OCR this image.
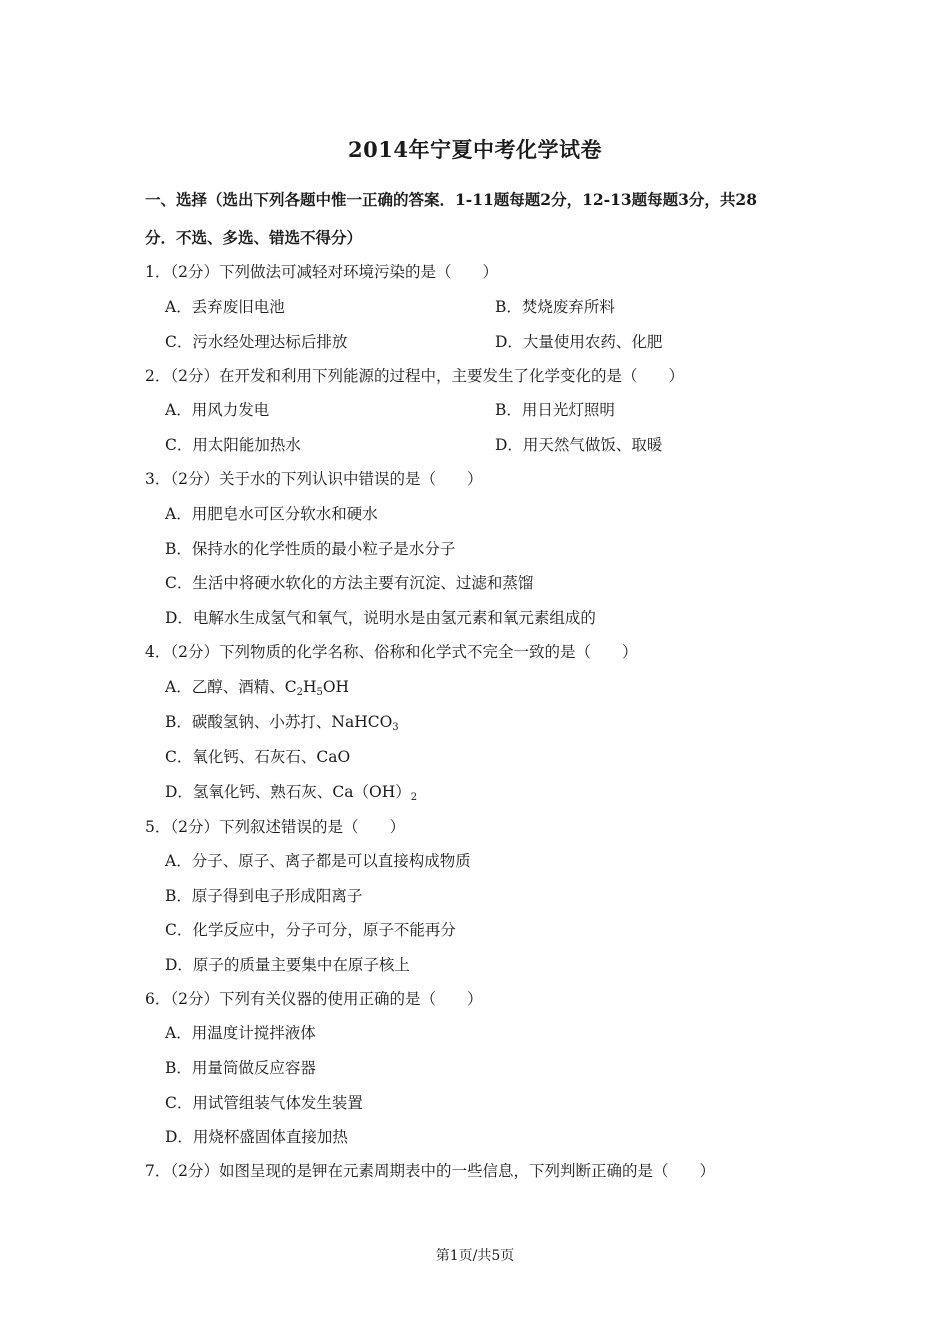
2014年宁夏中考化学试卷
一、选择（选出下列各题中惟一正确的答案．1-11题每题2分，12-13题每题3分，共28
分．不选、多选、错选不得分）
1．（2分）下列做法可减轻对环境污染的是（　　）
A．丢弃废旧电池	B．焚烧废弃所料
C．污水经处理达标后排放	D．大量使用农药、化肥
2．（2分）在开发和利用下列能源的过程中，主要发生了化学变化的是（　　）
A．用风力发电	B．用日光灯照明
C．用太阳能加热水	D．用天然气做饭、取暖
3．（2分）关于水的下列认识中错误的是（　　）
A．用肥皂水可区分软水和硬水
B．保持水的化学性质的最小粒子是水分子
C．生活中将硬水软化的方法主要有沉淀、过滤和蒸馏
D．电解水生成氢气和氧气，说明水是由氢元素和氧元素组成的
4．（2分）下列物质的化学名称、俗称和化学式不完全一致的是（　　）
A．乙醇、酒精、$C_2H_5OH$
B．碳酸氢钠、小苏打、NaHCO$_3$
C．氧化钙、石灰石、CaO
D．氢氧化钙、熟石灰、$Ca(OH)_2$
5．（2分）下列叙述错误的是（　　）
A．分子、原子、离子都是可以直接构成物质
B．原子得到电子形成阳离子
C．化学反应中，分子可分，原子不能再分
D．原子的质量主要集中在原子核上
6．（2分）下列有关仪器的使用正确的是（　　）
A．用温度计搅拌液体
B．用量筒做反应容器
C．用试管组装气体发生装置
D．用烧杯盛固体直接加热
7．（2分）如图呈现的是钾在元素周期表中的一些信息，下列判断正确的是（　　）
第1页/共5页
